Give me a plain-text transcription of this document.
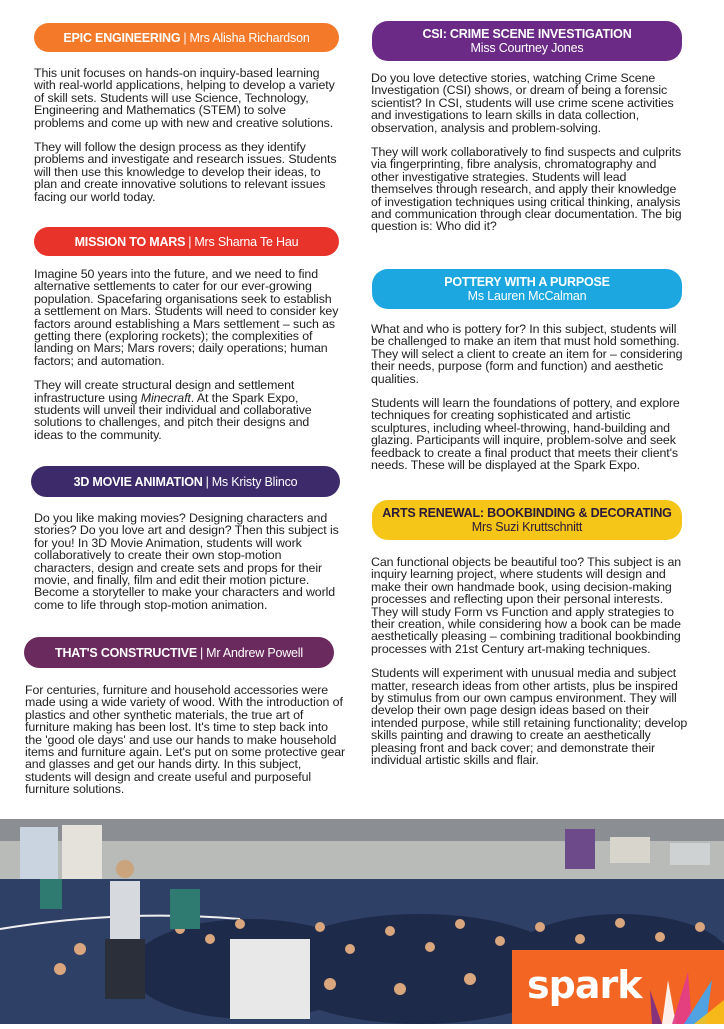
EPIC ENGINEERING | Mrs Alisha Richardson

This unit focuses on hands-on inquiry-based learning with real-world applications, helping to develop a variety of skill sets. Students will use Science, Technology, Engineering and Mathematics (STEM) to solve problems and come up with new and creative solutions.

They will follow the design process as they identify problems and investigate and research issues. Students will then use this knowledge to develop their ideas, to plan and create innovative solutions to relevant issues facing our world today.

MISSION TO MARS | Mrs Sharna Te Hau

Imagine 50 years into the future, and we need to find alternative settlements to cater for our ever-growing population. Spacefaring organisations seek to establish a settlement on Mars. Students will need to consider key factors around establishing a Mars settlement – such as getting there (exploring rockets); the complexities of landing on Mars; Mars rovers; daily operations; human factors; and automation.

They will create structural design and settlement infrastructure using Minecraft. At the Spark Expo, students will unveil their individual and collaborative solutions to challenges, and pitch their designs and ideas to the community.

3D MOVIE ANIMATION | Ms Kristy Blinco

Do you like making movies? Designing characters and stories? Do you love art and design? Then this subject is for you! In 3D Movie Animation, students will work collaboratively to create their own stop-motion characters, design and create sets and props for their movie, and finally, film and edit their motion picture. Become a storyteller to make your characters and world come to life through stop-motion animation.

THAT'S CONSTRUCTIVE | Mr Andrew Powell

For centuries, furniture and household accessories were made using a wide variety of wood. With the introduction of plastics and other synthetic materials, the true art of furniture making has been lost. It's time to step back into the 'good ole days' and use our hands to make household items and furniture again. Let's put on some protective gear and glasses and get our hands dirty. In this subject, students will design and create useful and purposeful furniture solutions.

CSI: CRIME SCENE INVESTIGATION
Miss Courtney Jones

Do you love detective stories, watching Crime Scene Investigation (CSI) shows, or dream of being a forensic scientist? In CSI, students will use crime scene activities and investigations to learn skills in data collection, observation, analysis and problem-solving.

They will work collaboratively to find suspects and culprits via fingerprinting, fibre analysis, chromatography and other investigative strategies. Students will lead themselves through research, and apply their knowledge of investigation techniques using critical thinking, analysis and communication through clear documentation. The big question is: Who did it?

POTTERY WITH A PURPOSE
Ms Lauren McCalman

What and who is pottery for? In this subject, students will be challenged to make an item that must hold something. They will select a client to create an item for – considering their needs, purpose (form and function) and aesthetic qualities.

Students will learn the foundations of pottery, and explore techniques for creating sophisticated and artistic sculptures, including wheel-throwing, hand-building and glazing. Participants will inquire, problem-solve and seek feedback to create a final product that meets their client's needs. These will be displayed at the Spark Expo.

ARTS RENEWAL: BOOKBINDING & DECORATING
Mrs Suzi Kruttschnitt

Can functional objects be beautiful too? This subject is an inquiry learning project, where students will design and make their own handmade book, using decision-making processes and reflecting upon their personal interests. They will study Form vs Function and apply strategies to their creation, while considering how a book can be made aesthetically pleasing – combining traditional bookbinding processes with 21st Century art-making techniques.

Students will experiment with unusual media and subject matter, research ideas from other artists, plus be inspired by stimulus from our own campus environment. They will develop their own page design ideas based on their intended purpose, while still retaining functionality; develop skills painting and drawing to create an aesthetically pleasing front and back cover; and demonstrate their individual artistic skills and flair.

spark
